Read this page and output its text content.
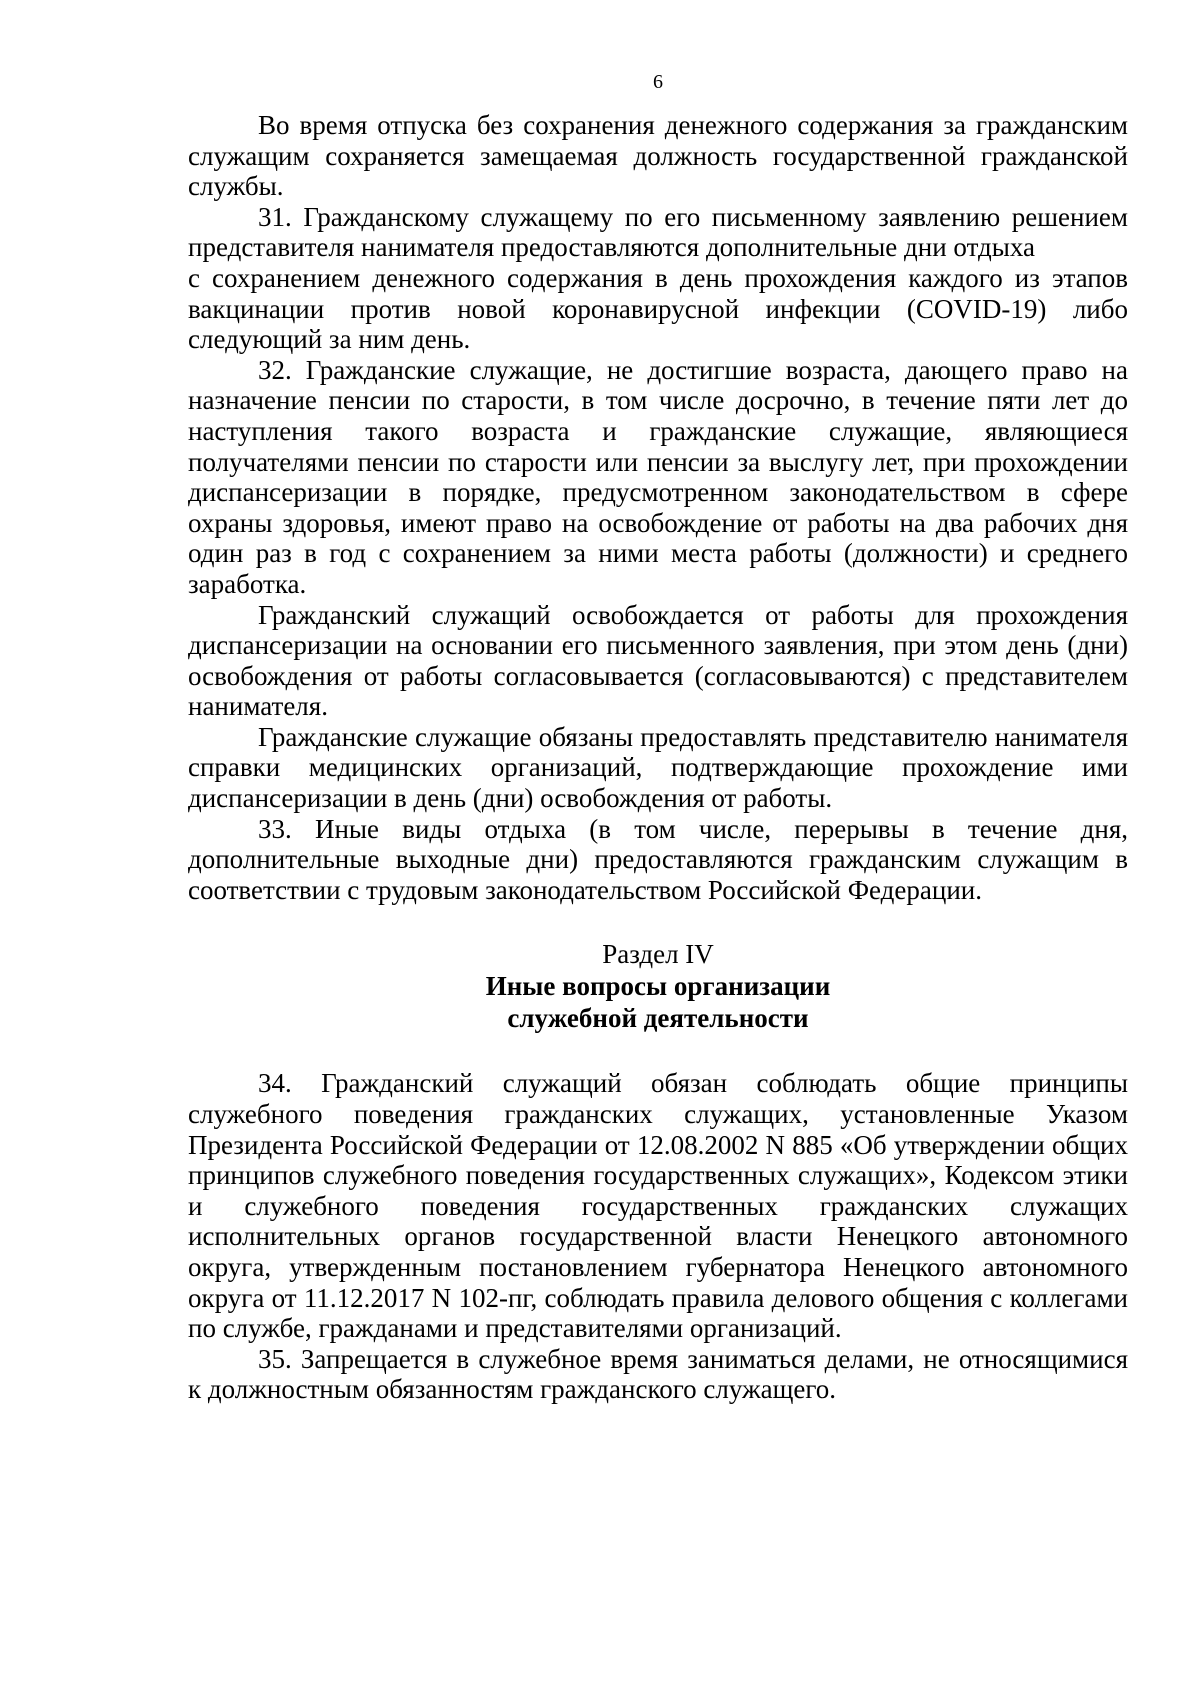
6

Во время отпуска без сохранения денежного содержания за гражданским служащим сохраняется замещаемая должность государственной гражданской службы.

31. Гражданскому служащему по его письменному заявлению решением представителя нанимателя предоставляются дополнительные дни отдыха

с сохранением денежного содержания в день прохождения каждого из этапов вакцинации против новой коронавирусной инфекции (COVID-19) либо следующий за ним день.

32. Гражданские служащие, не достигшие возраста, дающего право на назначение пенсии по старости, в том числе досрочно, в течение пяти лет до наступления такого возраста и гражданские служащие, являющиеся получателями пенсии по старости или пенсии за выслугу лет, при прохождении диспансеризации в порядке, предусмотренном законодательством в сфере охраны здоровья, имеют право на освобождение от работы на два рабочих дня один раз в год с сохранением за ними места работы (должности) и среднего заработка.

Гражданский служащий освобождается от работы для прохождения диспансеризации на основании его письменного заявления, при этом день (дни) освобождения от работы согласовывается (согласовываются) с представителем нанимателя.

Гражданские служащие обязаны предоставлять представителю нанимателя справки медицинских организаций, подтверждающие прохождение ими диспансеризации в день (дни) освобождения от работы.

33. Иные виды отдыха (в том числе, перерывы в течение дня, дополнительные выходные дни) предоставляются гражданским служащим в соответствии с трудовым законодательством Российской Федерации.

Раздел IV
Иные вопросы организации
служебной деятельности

34. Гражданский служащий обязан соблюдать общие принципы служебного поведения гражданских служащих, установленные Указом Президента Российской Федерации от 12.08.2002 N 885 «Об утверждении общих принципов служебного поведения государственных служащих», Кодексом этики и служебного поведения государственных гражданских служащих исполнительных органов государственной власти Ненецкого автономного округа, утвержденным постановлением губернатора Ненецкого автономного округа от 11.12.2017 N 102-пг, соблюдать правила делового общения с коллегами по службе, гражданами и представителями организаций.

35. Запрещается в служебное время заниматься делами, не относящимися к должностным обязанностям гражданского служащего.
